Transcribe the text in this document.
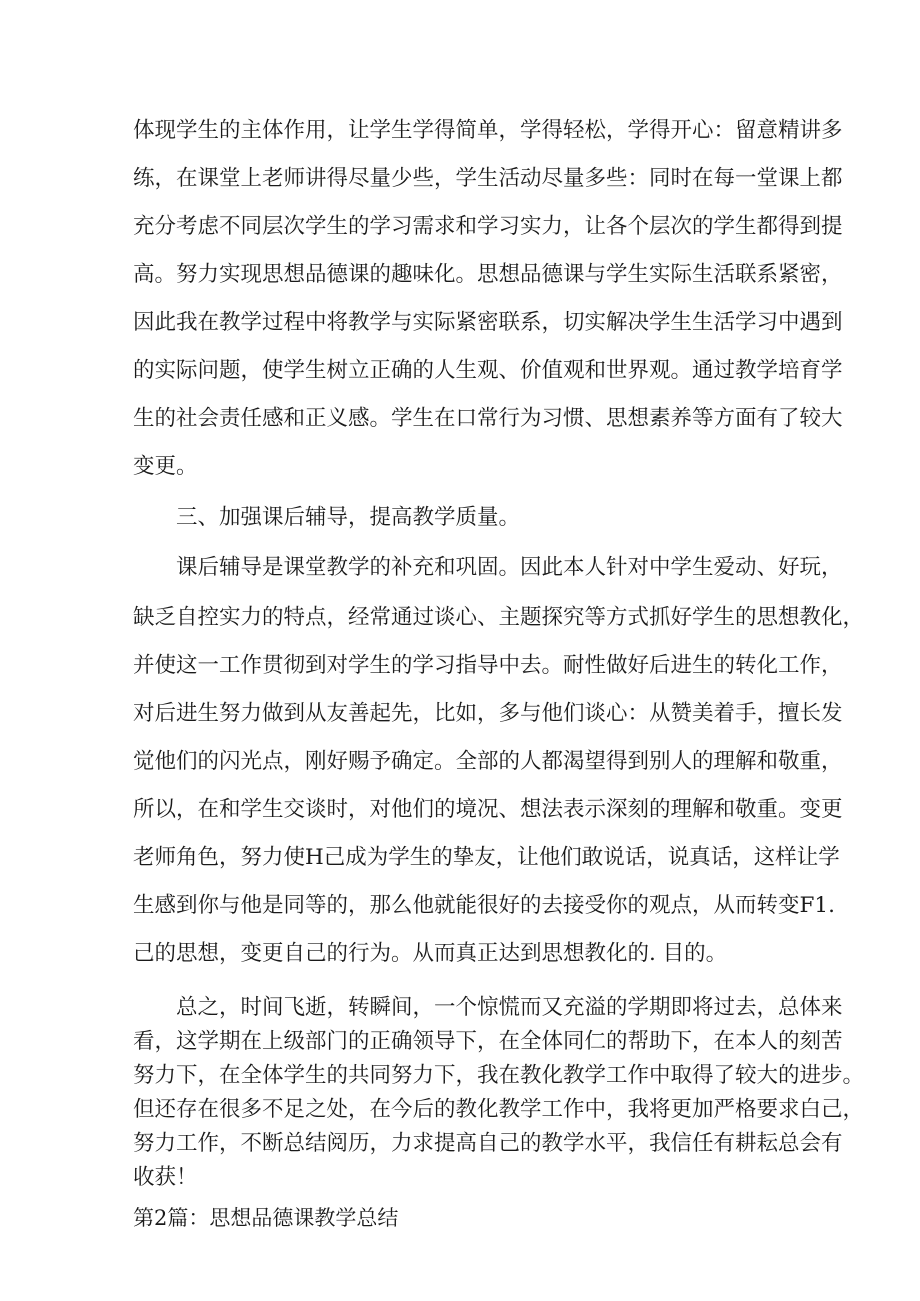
体现学生的主体作用，让学生学得简单，学得轻松，学得开心：留意精讲多
练，在课堂上老师讲得尽量少些，学生活动尽量多些：同时在每一堂课上都
充分考虑不同层次学生的学习需求和学习实力，让各个层次的学生都得到提
高。努力实现思想品德课的趣味化。思想品德课与学生实际生活联系紧密，
因此我在教学过程中将教学与实际紧密联系，切实解决学生生活学习中遇到
的实际问题，使学生树立正确的人生观、价值观和世界观。通过教学培育学
生的社会责任感和正义感。学生在口常行为习惯、思想素养等方面有了较大
变更。
三、加强课后辅导，提高教学质量。
课后辅导是课堂教学的补充和巩固。因此本人针对中学生爱动、好玩，
缺乏自控实力的特点，经常通过谈心、主题探究等方式抓好学生的思想教化，
并使这一工作贯彻到对学生的学习指导中去。耐性做好后进生的转化工作，
对后进生努力做到从友善起先，比如，多与他们谈心：从赞美着手，擅长发
觉他们的闪光点，刚好赐予确定。全部的人都渴望得到别人的理解和敬重，
所以，在和学生交谈时，对他们的境况、想法表示深刻的理解和敬重。变更
老师角色，努力使H己成为学生的挚友，让他们敢说话，说真话，这样让学
生感到你与他是同等的，那么他就能很好的去接受你的观点，从而转变F1.
己的思想，变更自己的行为。从而真正达到思想教化的. 目的。
总之，时间飞逝，转瞬间，一个惊慌而又充溢的学期即将过去，总体来
看，这学期在上级部门的正确领导下，在全体同仁的帮助下，在本人的刻苦
努力下，在全体学生的共同努力下，我在教化教学工作中取得了较大的进步。
但还存在很多不足之处，在今后的教化教学工作中，我将更加严格要求白己，
努力工作，不断总结阅历，力求提高自己的教学水平，我信任有耕耘总会有
收获！
第2篇：思想品德课教学总结
